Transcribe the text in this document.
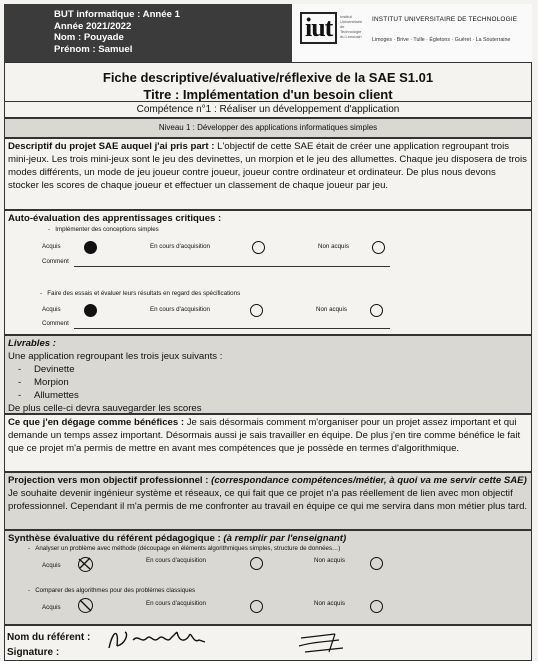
BUT informatique : Année 1
Année 2021/2022
Nom : Pouyade
Prénom : Samuel
iut	Institut Universitaire de Technologie du Limousin
INSTITUT UNIVERSITAIRE DE TECHNOLOGIE
Limoges · Brive · Tulle · Égletons · Guéret · La Souterraine
Fiche descriptive/évaluative/réflexive de la SAE S1.01
Titre : Implémentation d'un besoin client
Compétence n°1 : Réaliser un développement d'application
Niveau 1 : Développer des applications informatiques simples
Descriptif du projet SAE auquel j'ai pris part : L'objectif de cette SAE était de créer une application regroupant trois mini-jeux. Les trois mini-jeux sont le jeu des devinettes, un morpion et le jeu des allumettes. Chaque jeu disposera de trois modes différents, un mode de jeu joueur contre joueur, joueur contre ordinateur et ordinateur. De plus nous devons stocker les scores de chaque joueur et effectuer un classement de chaque joueur par jeu.
Auto-évaluation des apprentissages critiques :
-   Implémenter des conceptions simples
Acquis	En cours d'acquisition	Non acquis
Comment
-   Faire des essais et évaluer leurs résultats en regard des spécifications
Acquis	En cours d'acquisition	Non acquis
Comment
Livrables :
Une application regroupant les trois jeux suivants :
- Devinette
- Morpion
- Allumettes
De plus celle-ci devra sauvegarder les scores
Ce que j'en dégage comme bénéfices : Je sais désormais comment m'organiser pour un projet assez important et qui demande un temps assez important. Désormais aussi je sais travailler en équipe. De plus j'en tire comme bénéfice le fait que ce projet m'a permis de mettre en avant mes compétences que je possède en termes d'algorithmique.
Projection vers mon objectif professionnel : (correspondance compétences/métier, à quoi va me servir cette SAE) Je souhaite devenir ingénieur système et réseaux, ce qui fait que ce projet n'a pas réellement de lien avec mon objectif professionnel. Cependant il m'a permis de me confronter au travail en équipe ce qui me servira dans mon métier plus tard.
Synthèse évaluative du référent pédagogique : (à remplir par l'enseignant)
-   Analyser un problème avec méthode (découpage en éléments algorithmiques simples, structure de données…)
Acquis
En cours d'acquisition	Non acquis
-   Comparer des algorithmes pour des problèmes classiques
Acquis
En cours d'acquisition	Non acquis
Nom du référent :
Signature :
